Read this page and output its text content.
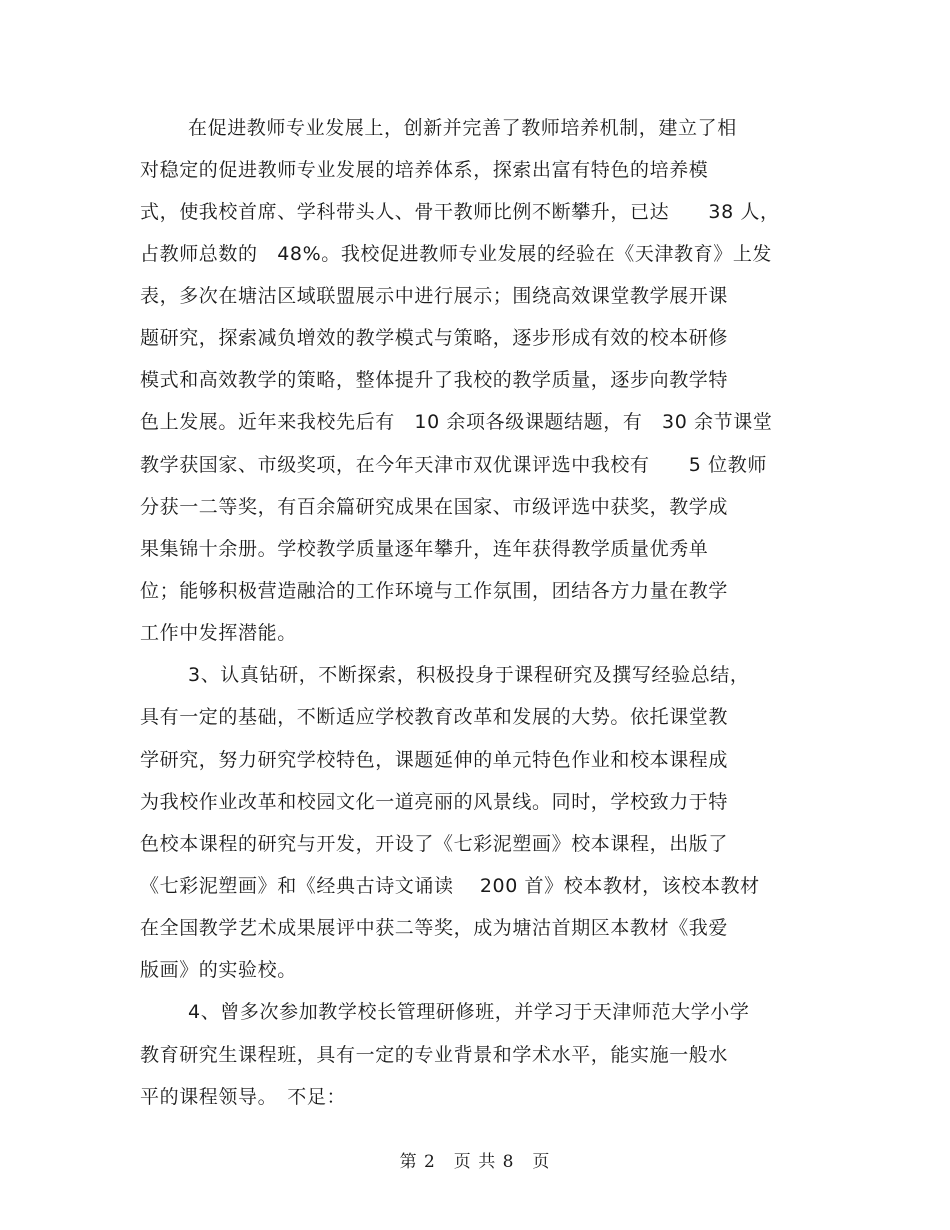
在促进教师专业发展上，创新并完善了教师培养机制，建立了相
对稳定的促进教师专业发展的培养体系，探索出富有特色的培养模
式，使我校首席、学科带头人、骨干教师比例不断攀升，已达　　38 人，
占教师总数的　48%。我校促进教师专业发展的经验在《天津教育》上发
表，多次在塘沽区域联盟展示中进行展示；围绕高效课堂教学展开课
题研究，探索减负增效的教学模式与策略，逐步形成有效的校本研修
模式和高效教学的策略，整体提升了我校的教学质量，逐步向教学特
色上发展。近年来我校先后有　10 余项各级课题结题，有　30 余节课堂
教学获国家、市级奖项，在今年天津市双优课评选中我校有　　5 位教师
分获一二等奖，有百余篇研究成果在国家、市级评选中获奖，教学成
果集锦十余册。学校教学质量逐年攀升，连年获得教学质量优秀单
位；能够积极营造融洽的工作环境与工作氛围，团结各方力量在教学
工作中发挥潜能。
3、认真钻研，不断探索，积极投身于课程研究及撰写经验总结，
具有一定的基础，不断适应学校教育改革和发展的大势。依托课堂教
学研究，努力研究学校特色，课题延伸的单元特色作业和校本课程成
为我校作业改革和校园文化一道亮丽的风景线。同时，学校致力于特
色校本课程的研究与开发，开设了《七彩泥塑画》校本课程，出版了
《七彩泥塑画》和《经典古诗文诵读　 200 首》校本教材，该校本教材
在全国教学艺术成果展评中获二等奖，成为塘沽首期区本教材《我爱
版画》的实验校。
4、曾多次参加教学校长管理研修班，并学习于天津师范大学小学
教育研究生课程班，具有一定的专业背景和学术水平，能实施一般水
平的课程领导。　不足：
第 2　页 共 8　页
